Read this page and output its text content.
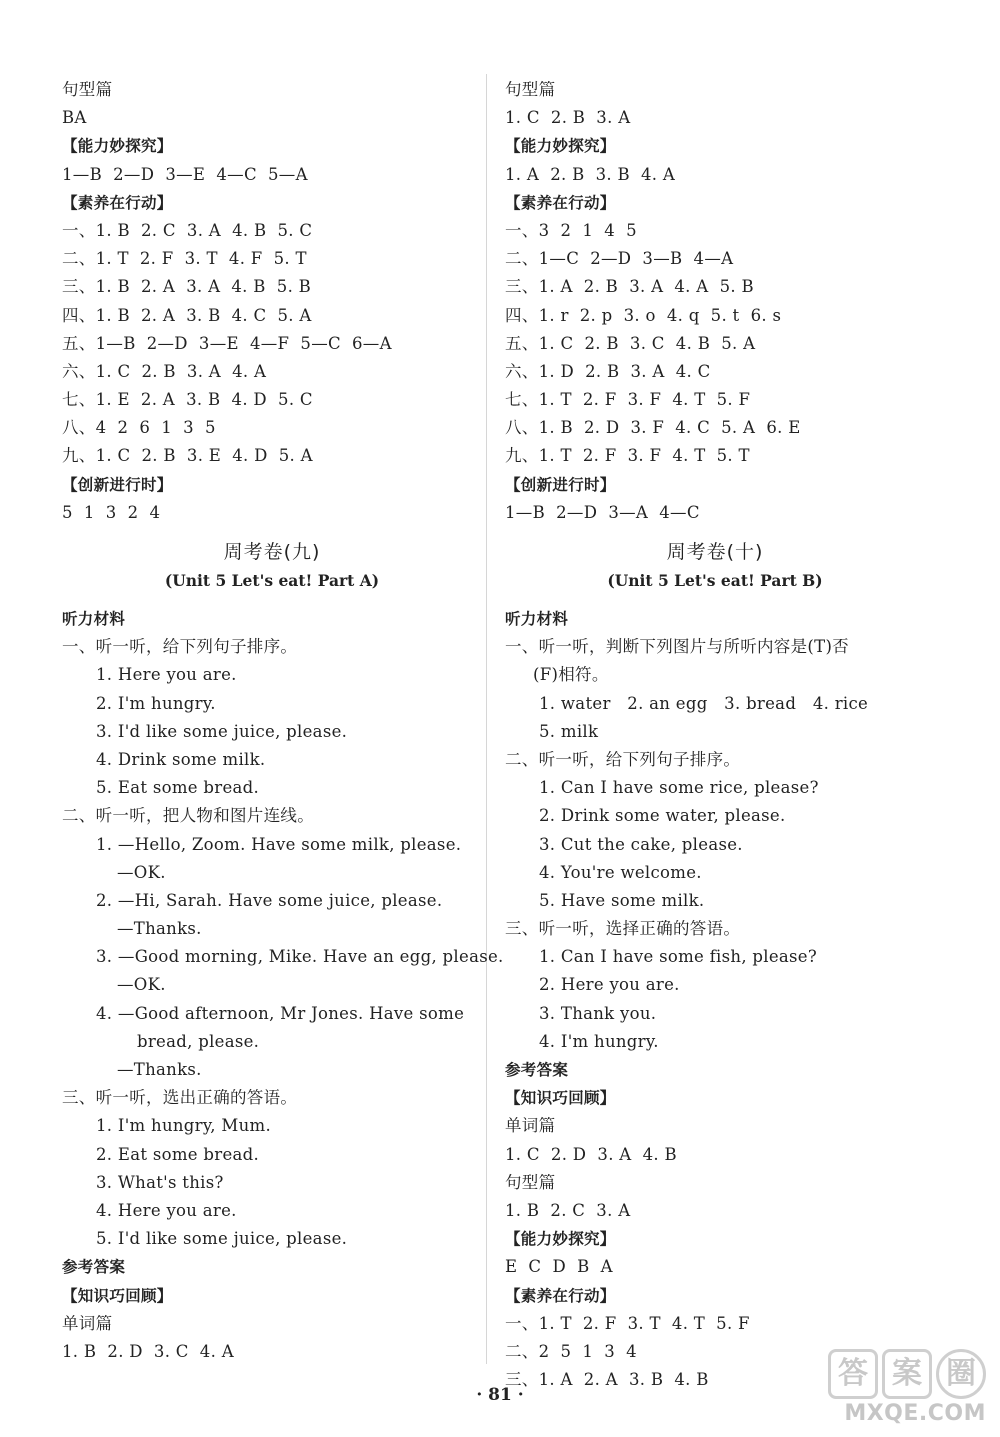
句型篇
BA
【能力妙探究】
1—B  2—D  3—E  4—C  5—A
【素养在行动】
一、1. B  2. C  3. A  4. B  5. C
二、1. T  2. F  3. T  4. F  5. T
三、1. B  2. A  3. A  4. B  5. B
四、1. B  2. A  3. B  4. C  5. A
五、1—B  2—D  3—E  4—F  5—C  6—A
六、1. C  2. B  3. A  4. A
七、1. E  2. A  3. B  4. D  5. C
八、4  2  6  1  3  5
九、1. C  2. B  3. E  4. D  5. A
【创新进行时】
5  1  3  2  4
周考卷(九)
(Unit 5 Let's eat! Part A)
听力材料
一、听一听，给下列句子排序。
1. Here you are.
2. I'm hungry.
3. I'd like some juice, please.
4. Drink some milk.
5. Eat some bread.
二、听一听，把人物和图片连线。
1. —Hello, Zoom. Have some milk, please.
—OK.
2. —Hi, Sarah. Have some juice, please.
—Thanks.
3. —Good morning, Mike. Have an egg, please.
—OK.
4. —Good afternoon, Mr Jones. Have some
bread, please.
—Thanks.
三、听一听，选出正确的答语。
1. I'm hungry, Mum.
2. Eat some bread.
3. What's this?
4. Here you are.
5. I'd like some juice, please.
参考答案
【知识巧回顾】
单词篇
1. B  2. D  3. C  4. A
句型篇
1. C  2. B  3. A
【能力妙探究】
1. A  2. B  3. B  4. A
【素养在行动】
一、3  2  1  4  5
二、1—C  2—D  3—B  4—A
三、1. A  2. B  3. A  4. A  5. B
四、1. r  2. p  3. o  4. q  5. t  6. s
五、1. C  2. B  3. C  4. B  5. A
六、1. D  2. B  3. A  4. C
七、1. T  2. F  3. F  4. T  5. F
八、1. B  2. D  3. F  4. C  5. A  6. E
九、1. T  2. F  3. F  4. T  5. T
【创新进行时】
1—B  2—D  3—A  4—C
周考卷(十)
(Unit 5 Let's eat! Part B)
听力材料
一、听一听，判断下列图片与所听内容是(T)否
(F)相符。
1. water   2. an egg   3. bread   4. rice
5. milk
二、听一听，给下列句子排序。
1. Can I have some rice, please?
2. Drink some water, please.
3. Cut the cake, please.
4. You're welcome.
5. Have some milk.
三、听一听，选择正确的答语。
1. Can I have some fish, please?
2. Here you are.
3. Thank you.
4. I'm hungry.
参考答案
【知识巧回顾】
单词篇
1. C  2. D  3. A  4. B
句型篇
1. B  2. C  3. A
【能力妙探究】
E  C  D  B  A
【素养在行动】
一、1. T  2. F  3. T  4. T  5. F
二、2  5  1  3  4
三、1. A  2. A  3. B  4. B
· 81 ·
答 案 圈
MXQE.COM
